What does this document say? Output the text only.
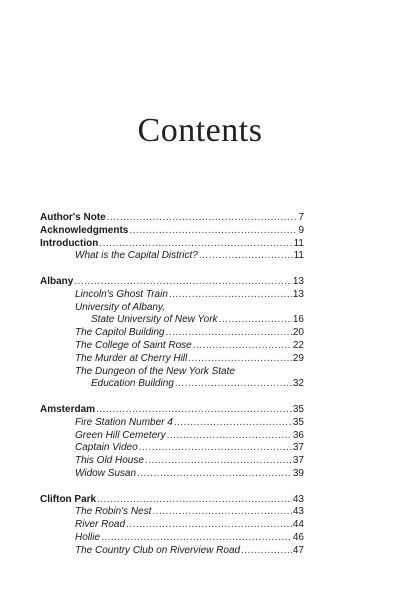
Contents
Author's Note .....	7
Acknowledgments .....	9
Introduction .....	11
What is the Capital District? .....	11
Albany .....	13
Lincoln's Ghost Train .....	13
University of Albany,
State University of New York .....	16
The Capitol Building .....	20
The College of Saint Rose .....	22
The Murder at Cherry Hill .....	29
The Dungeon of the New York State
Education Building .....	32
Amsterdam .....	35
Fire Station Number 4 .....	35
Green Hill Cemetery .....	36
Captain Video .....	37
This Old House .....	37
Widow Susan .....	39
Clifton Park .....	43
The Robin's Nest .....	43
River Road .....	44
Hollie .....	46
The Country Club on Riverview Road .....	47
